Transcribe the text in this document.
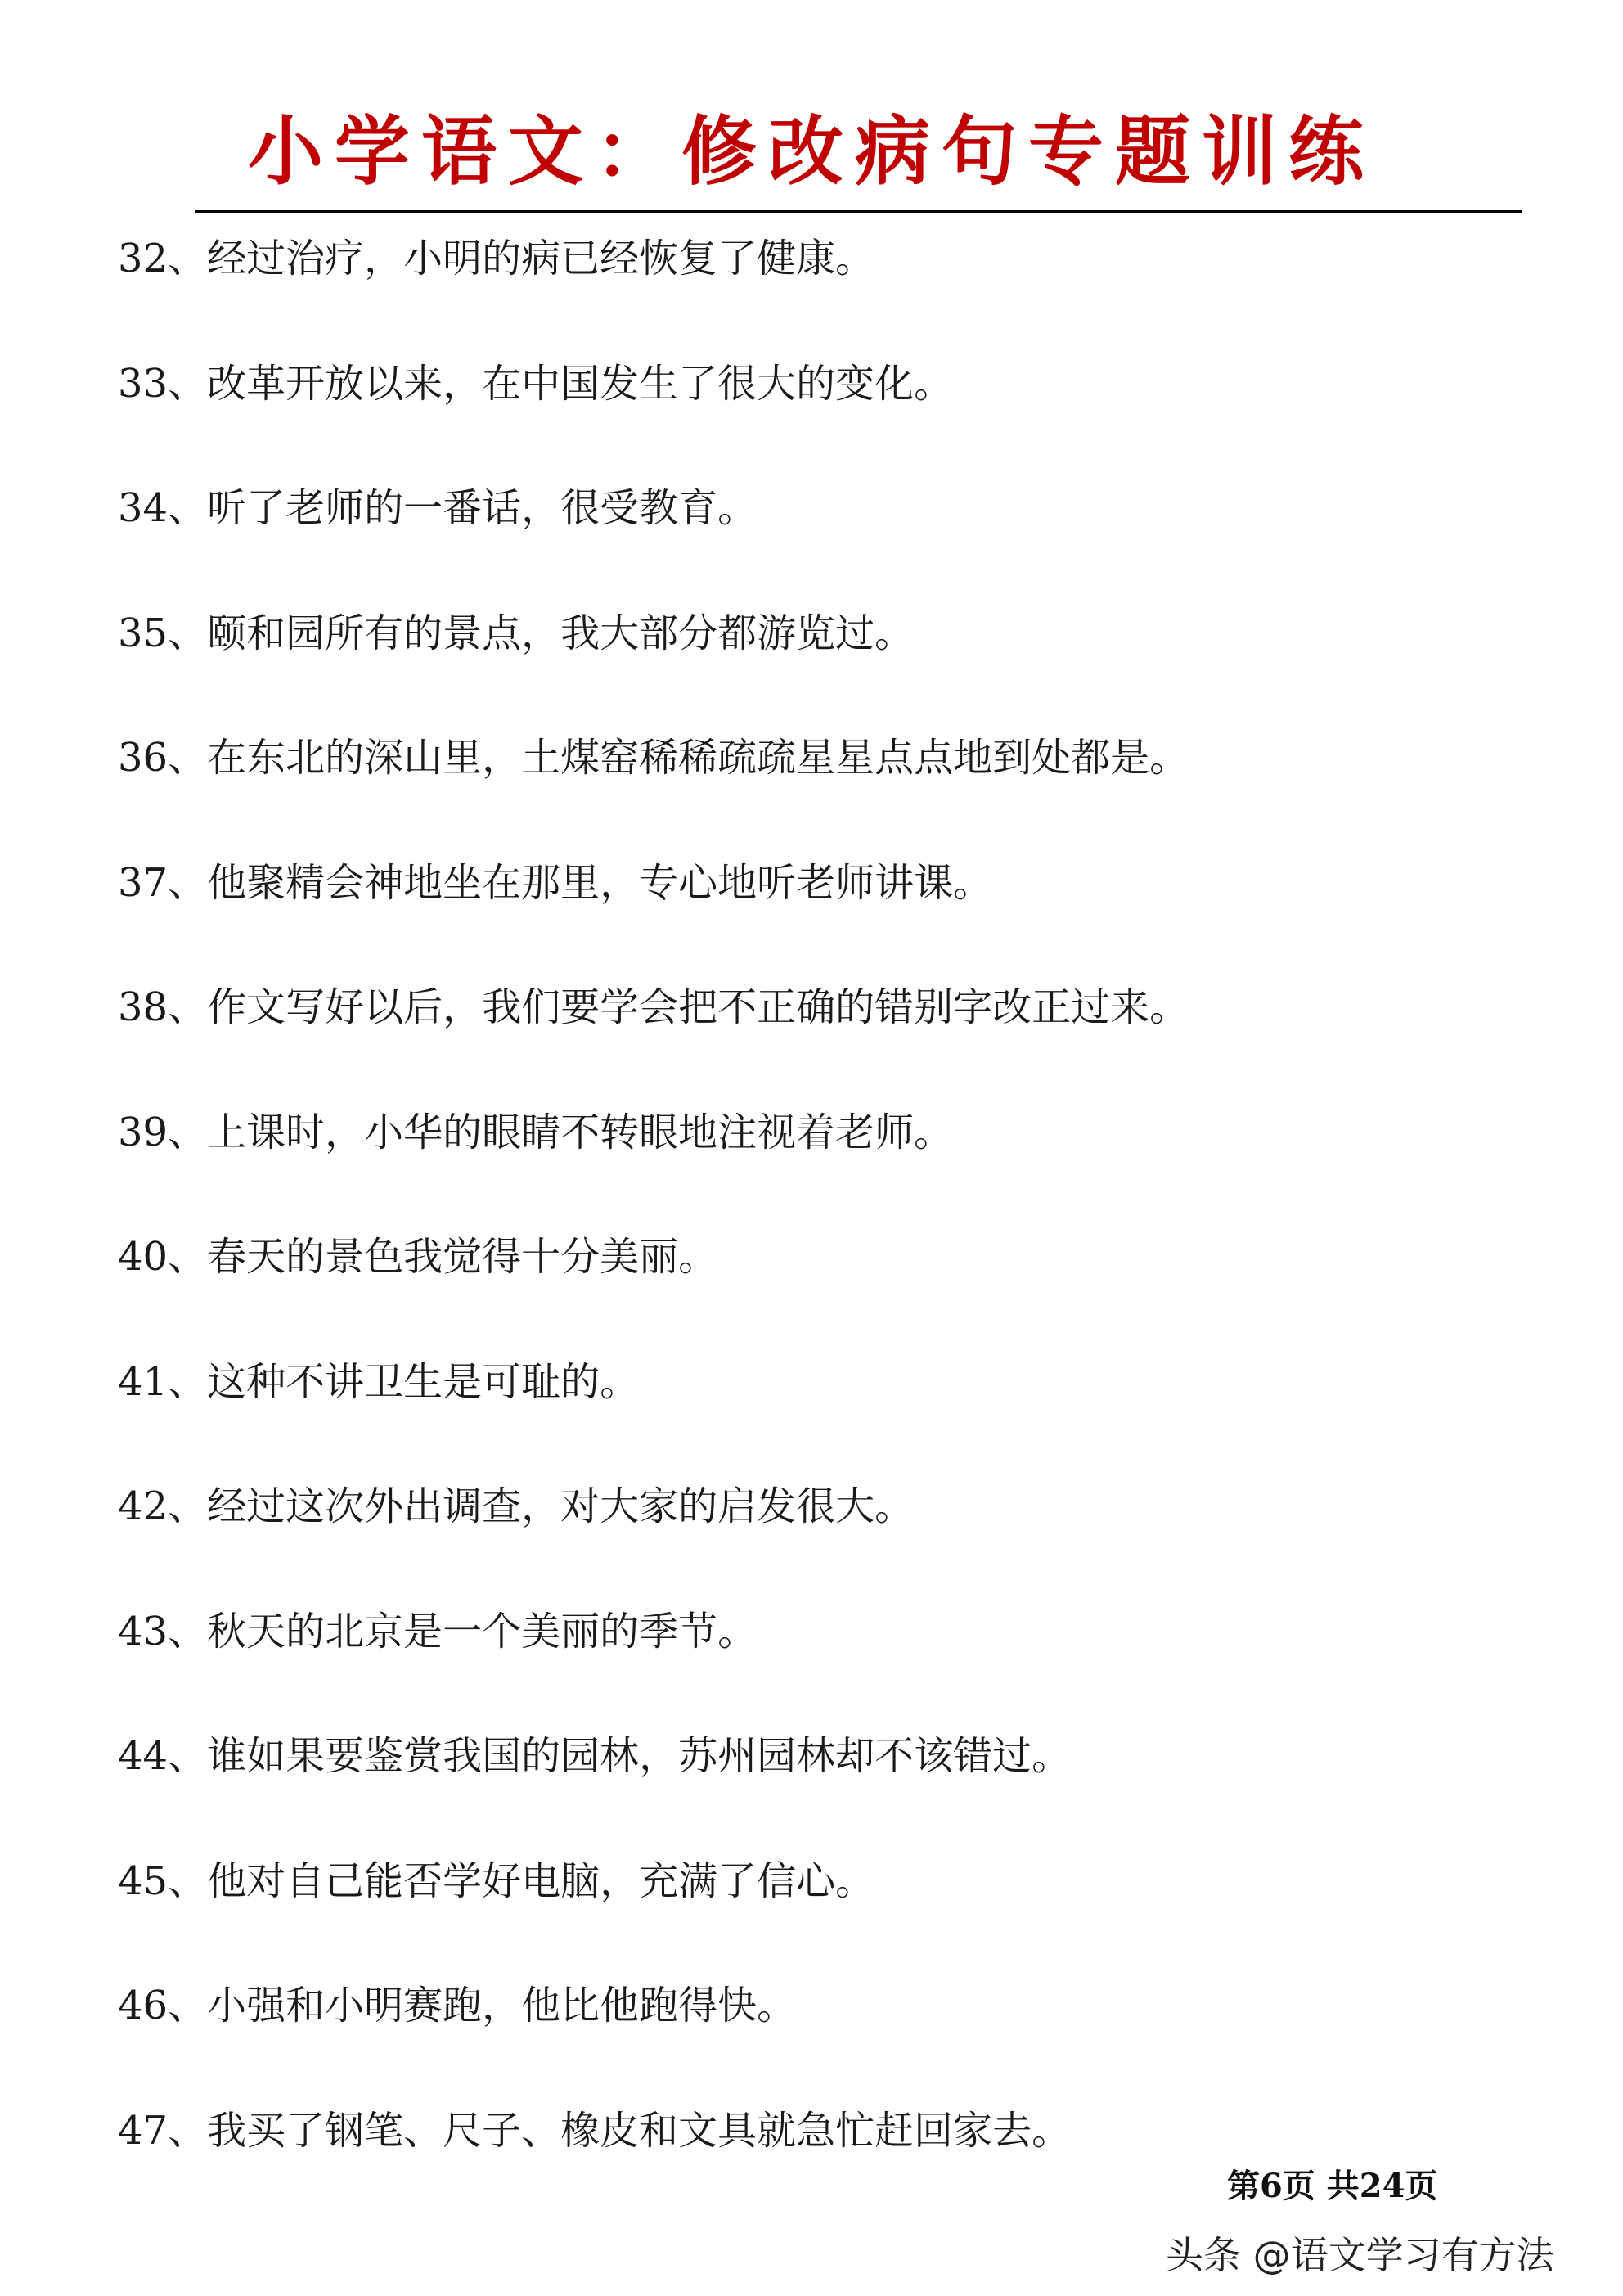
小学语文：修改病句专题训练
32、经过治疗，小明的病已经恢复了健康。
33、改革开放以来，在中国发生了很大的变化。
34、听了老师的一番话，很受教育。
35、颐和园所有的景点，我大部分都游览过。
36、在东北的深山里，土煤窑稀稀疏疏星星点点地到处都是。
37、他聚精会神地坐在那里，专心地听老师讲课。
38、作文写好以后，我们要学会把不正确的错别字改正过来。
39、上课时，小华的眼睛不转眼地注视着老师。
40、春天的景色我觉得十分美丽。
41、这种不讲卫生是可耻的。
42、经过这次外出调查，对大家的启发很大。
43、秋天的北京是一个美丽的季节。
44、谁如果要鉴赏我国的园林，苏州园林却不该错过。
45、他对自己能否学好电脑，充满了信心。
46、小强和小明赛跑，他比他跑得快。
47、我买了钢笔、尺子、橡皮和文具就急忙赶回家去。
第6页 共24页
头条 @语文学习有方法
